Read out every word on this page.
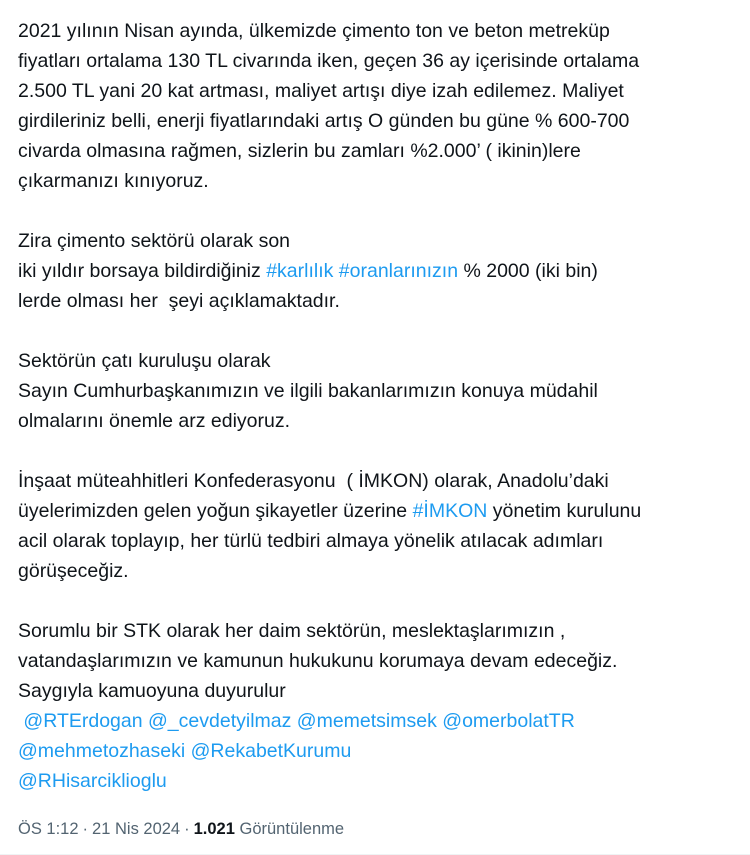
2021 yılının Nisan ayında, ülkemizde çimento ton ve beton metreküp
fiyatları ortalama 130 TL civarında iken, geçen 36 ay içerisinde ortalama
2.500 TL yani 20 kat artması, maliyet artışı diye izah edilemez. Maliyet
girdileriniz belli, enerji fiyatlarındaki artış O günden bu güne % 600-700
civarda olmasına rağmen, sizlerin bu zamları %2.000’ ( ikinin)lere
çıkarmanızı kınıyoruz.

Zira çimento sektörü olarak son
iki yıldır borsaya bildirdiğiniz #karlılık #oranlarınızın % 2000 (iki bin)
lerde olması her  şeyi açıklamaktadır.

Sektörün çatı kuruluşu olarak
Sayın Cumhurbaşkanımızın ve ilgili bakanlarımızın konuya müdahil
olmalarını önemle arz ediyoruz.

İnşaat müteahhitleri Konfederasyonu  ( İMKON) olarak, Anadolu’daki
üyelerimizden gelen yoğun şikayetler üzerine #İMKON yönetim kurulunu
acil olarak toplayıp, her türlü tedbiri almaya yönelik atılacak adımları
görüşeceğiz.

Sorumlu bir STK olarak her daim sektörün, meslektaşlarımızın ,
vatandaşlarımızın ve kamunun hukukunu korumaya devam edeceğiz.
Saygıyla kamuoyuna duyurulur
@RTErdogan @_cevdetyilmaz @memetsimsek @omerbolatTR
@mehmetozhaseki @RekabetKurumu
@RHisarciklioglu

ÖS 1:12 · 21 Nis 2024 · 1.021 Görüntülenme
